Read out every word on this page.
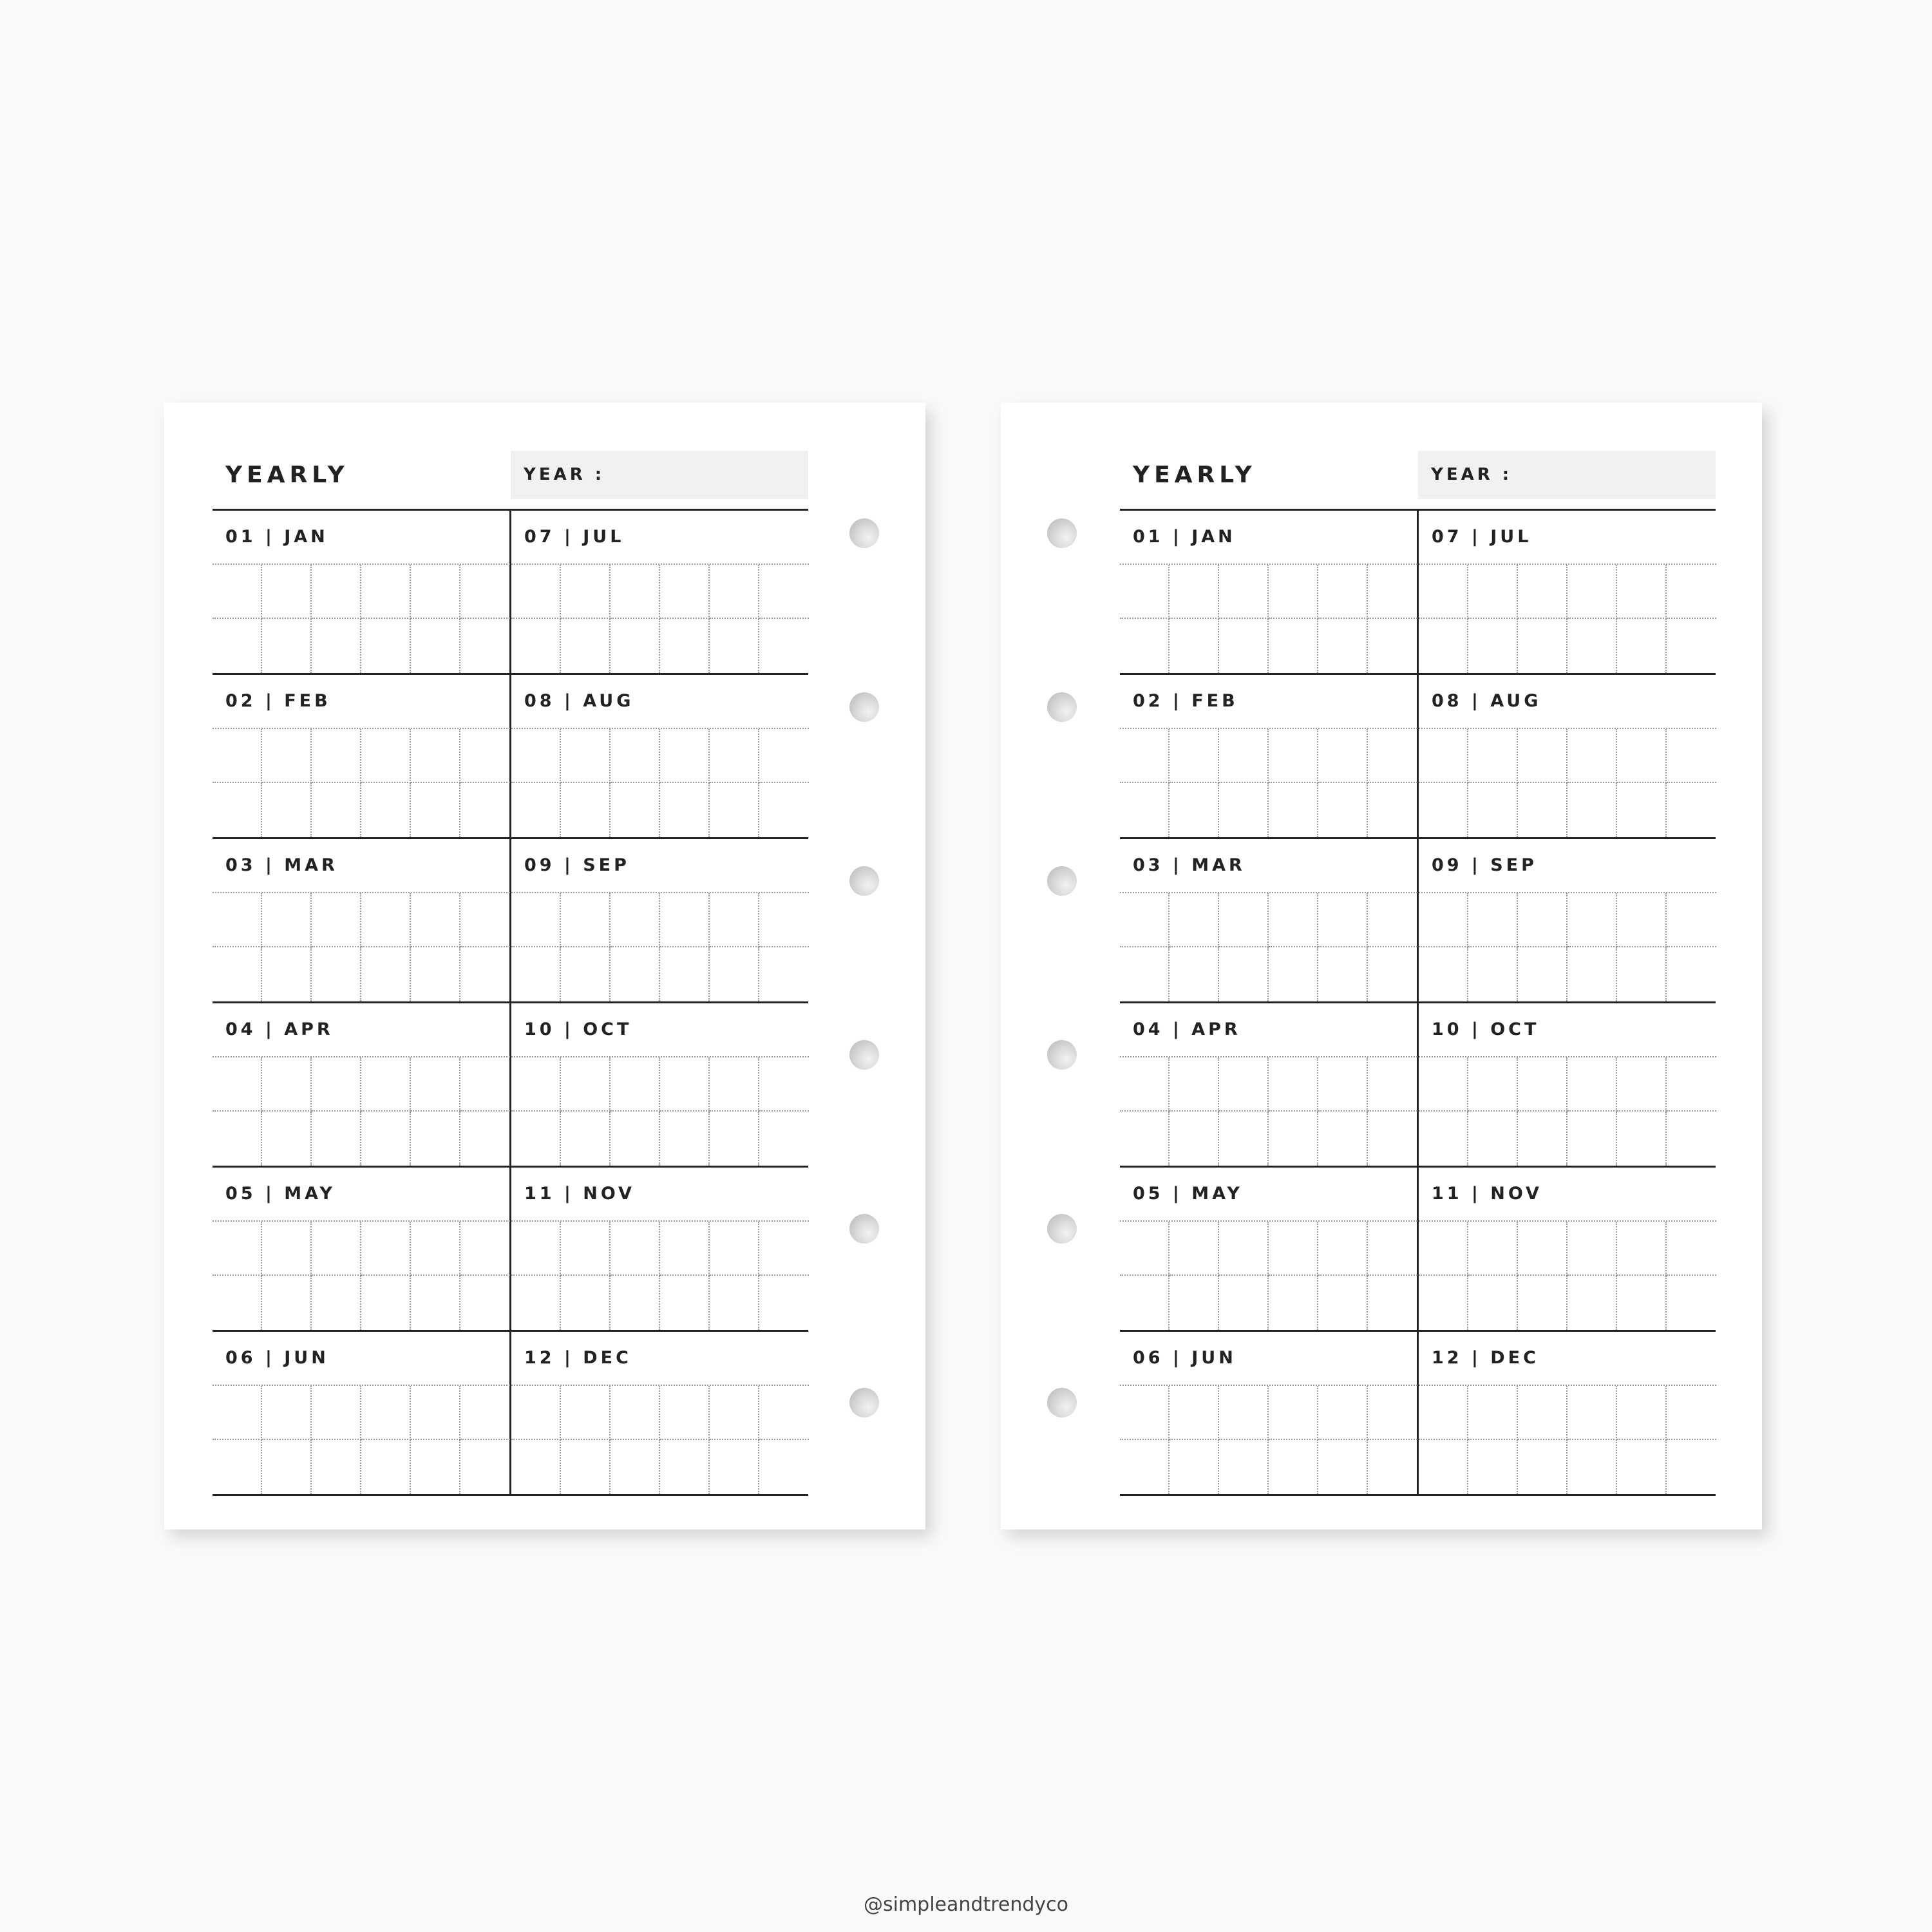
YEARLY	YEAR :
01 | JAN	07 | JUL
02 | FEB	08 | AUG
03 | MAR	09 | SEP
04 | APR	10 | OCT
05 | MAY	11 | NOV
06 | JUN	12 | DEC
YEARLY	YEAR :
01 | JAN	07 | JUL
02 | FEB	08 | AUG
03 | MAR	09 | SEP
04 | APR	10 | OCT
05 | MAY	11 | NOV
06 | JUN	12 | DEC
@simpleandtrendyco
